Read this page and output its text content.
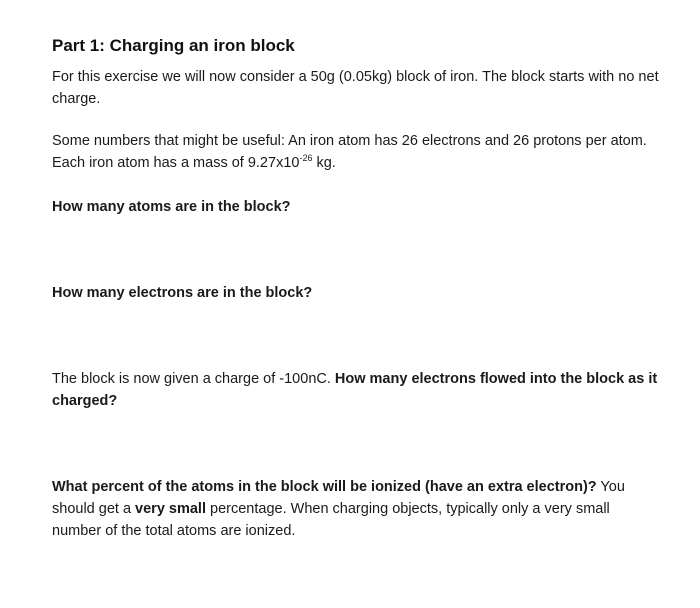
Part 1: Charging an iron block
For this exercise we will now consider a 50g (0.05kg) block of iron. The block starts with no net charge.
Some numbers that might be useful: An iron atom has 26 electrons and 26 protons per atom. Each iron atom has a mass of $9.27x10^{-26}$ kg.
How many atoms are in the block?
How many electrons are in the block?
The block is now given a charge of -100nC. How many electrons flowed into the block as it charged?
What percent of the atoms in the block will be ionized (have an extra electron)? You should get a very small percentage. When charging objects, typically only a very small number of the total atoms are ionized.
